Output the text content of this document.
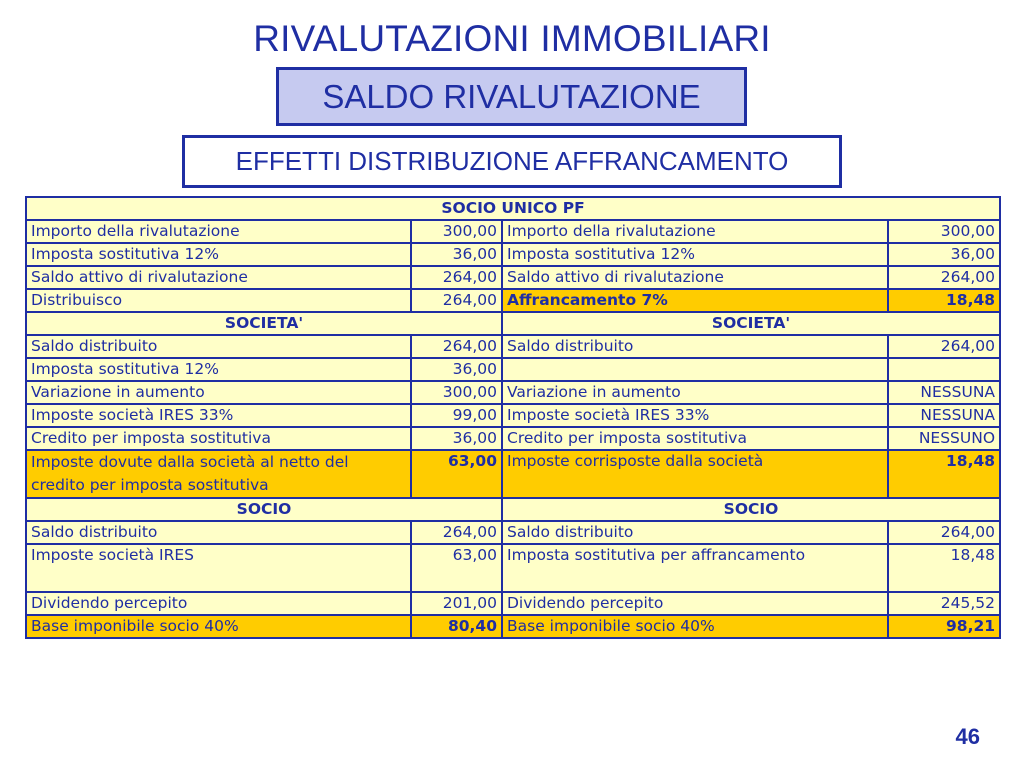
RIVALUTAZIONI IMMOBILIARI
SALDO RIVALUTAZIONE
EFFETTI DISTRIBUZIONE AFFRANCAMENTO
SOCIO UNICO PF			
Importo della rivalutazione	300,00	Importo della rivalutazione	300,00
Imposta sostitutiva 12%	36,00	Imposta sostitutiva 12%	36,00
Saldo attivo di rivalutazione	264,00	Saldo attivo di rivalutazione	264,00
Distribuisco	264,00	Affrancamento 7%	18,48
SOCIETA'		SOCIETA'	
Saldo distribuito	264,00	Saldo distribuito	264,00
Imposta sostitutiva 12%	36,00		
Variazione in aumento	300,00	Variazione in aumento	NESSUNA
Imposte società IRES 33%	99,00	Imposte società IRES 33%	NESSUNA
Credito per imposta sostitutiva	36,00	Credito per imposta sostitutiva	NESSUNO
Imposte dovute dalla società al netto del credito per imposta sostitutiva	63,00	Imposte corrisposte dalla società	18,48
SOCIO		SOCIO	
Saldo distribuito	264,00	Saldo distribuito	264,00
Imposte società IRES	63,00	Imposta sostitutiva per affrancamento	18,48
Dividendo percepito	201,00	Dividendo percepito	245,52
Base imponibile socio 40%	80,40	Base imponibile socio 40%	98,21
46
